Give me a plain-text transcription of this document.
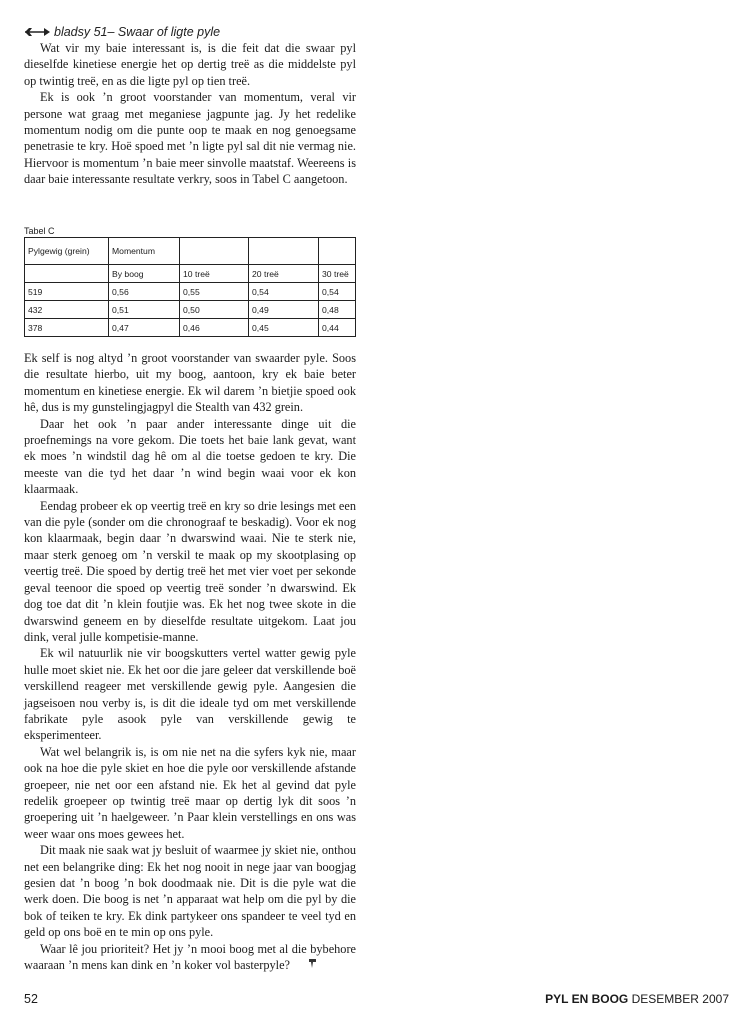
bladsy 51– Swaar of ligte pyle

Wat vir my baie interessant is, is die feit dat die swaar pyl dieselfde kinetiese energie het op dertig treë as die middelste pyl op twintig treë, en as die ligte pyl op tien treë.

Ek is ook ’n groot voorstander van momentum, veral vir persone wat graag met meganiese jagpunte jag. Jy het redelike momentum nodig om die punte oop te maak en nog genoegsame penetrasie te kry. Hoë spoed met ’n ligte pyl sal dit nie vermag nie. Hiervoor is momentum ’n baie meer sinvolle maatstaf. Weereens is daar baie interessante resultate verkry, soos in Tabel C aangetoon.

Tabel C
Pylgewig (grein)	Momentum			
	By boog	10 treë	20 treë	30 treë
519	0,56	0,55	0,54	0,54
432	0,51	0,50	0,49	0,48
378	0,47	0,46	0,45	0,44

Ek self is nog altyd ’n groot voorstander van swaarder pyle. Soos die resultate hierbo, uit my boog, aantoon, kry ek baie beter momentum en kinetiese energie. Ek wil darem ’n bietjie spoed ook hê, dus is my gunstelingjagpyl die Stealth van 432 grein.

Daar het ook ’n paar ander interessante dinge uit die proefnemings na vore gekom. Die toets het baie lank gevat, want ek moes ’n windstil dag hê om al die toetse gedoen te kry. Die meeste van die tyd het daar ’n wind begin waai voor ek kon klaarmaak.

Eendag probeer ek op veertig treë en kry so drie lesings met een van die pyle (sonder om die chronograaf te beskadig). Voor ek nog kon klaarmaak, begin daar ’n dwarswind waai. Nie te sterk nie, maar sterk genoeg om ’n verskil te maak op my skootplasing op veertig treë. Die spoed by dertig treë het met vier voet per sekonde geval teenoor die spoed op veertig treë sonder ’n dwarswind. Ek dog toe dat dit ’n klein foutjie was. Ek het nog twee skote in die dwarswind geneem en by dieselfde resultate uitgekom. Laat jou dink, veral julle kompetisie-manne.

Ek wil natuurlik nie vir boogskutters vertel watter gewig pyle hulle moet skiet nie. Ek het oor die jare geleer dat verskillende boë verskillend reageer met verskillende gewig pyle. Aangesien die jagseisoen nou verby is, is dit die ideale tyd om met verskillende fabrikate pyle asook pyle van verskillende gewig te eksperimenteer.

Wat wel belangrik is, is om nie net na die syfers kyk nie, maar ook na hoe die pyle skiet en hoe die pyle oor verskillende afstande groepeer, nie net oor een afstand nie. Ek het al gevind dat pyle redelik groepeer op twintig treë maar op dertig lyk dit soos ’n groepering uit ’n haelgeweer. ’n Paar klein verstellings en ons was weer waar ons moes gewees het.

Dit maak nie saak wat jy besluit of waarmee jy skiet nie, onthou net een belangrike ding: Ek het nog nooit in nege jaar van boogjag gesien dat ’n boog ’n bok doodmaak nie. Dit is die pyle wat die werk doen. Die boog is net ’n apparaat wat help om die pyl by die bok of teiken te kry. Ek dink partykeer ons spandeer te veel tyd en geld op ons boë en te min op ons pyle.

Waar lê jou prioriteit? Het jy ’n mooi boog met al die bybehore waaraan ’n mens kan dink en ’n koker vol basterpyle?

52	PYL EN BOOG DESEMBER 2007
